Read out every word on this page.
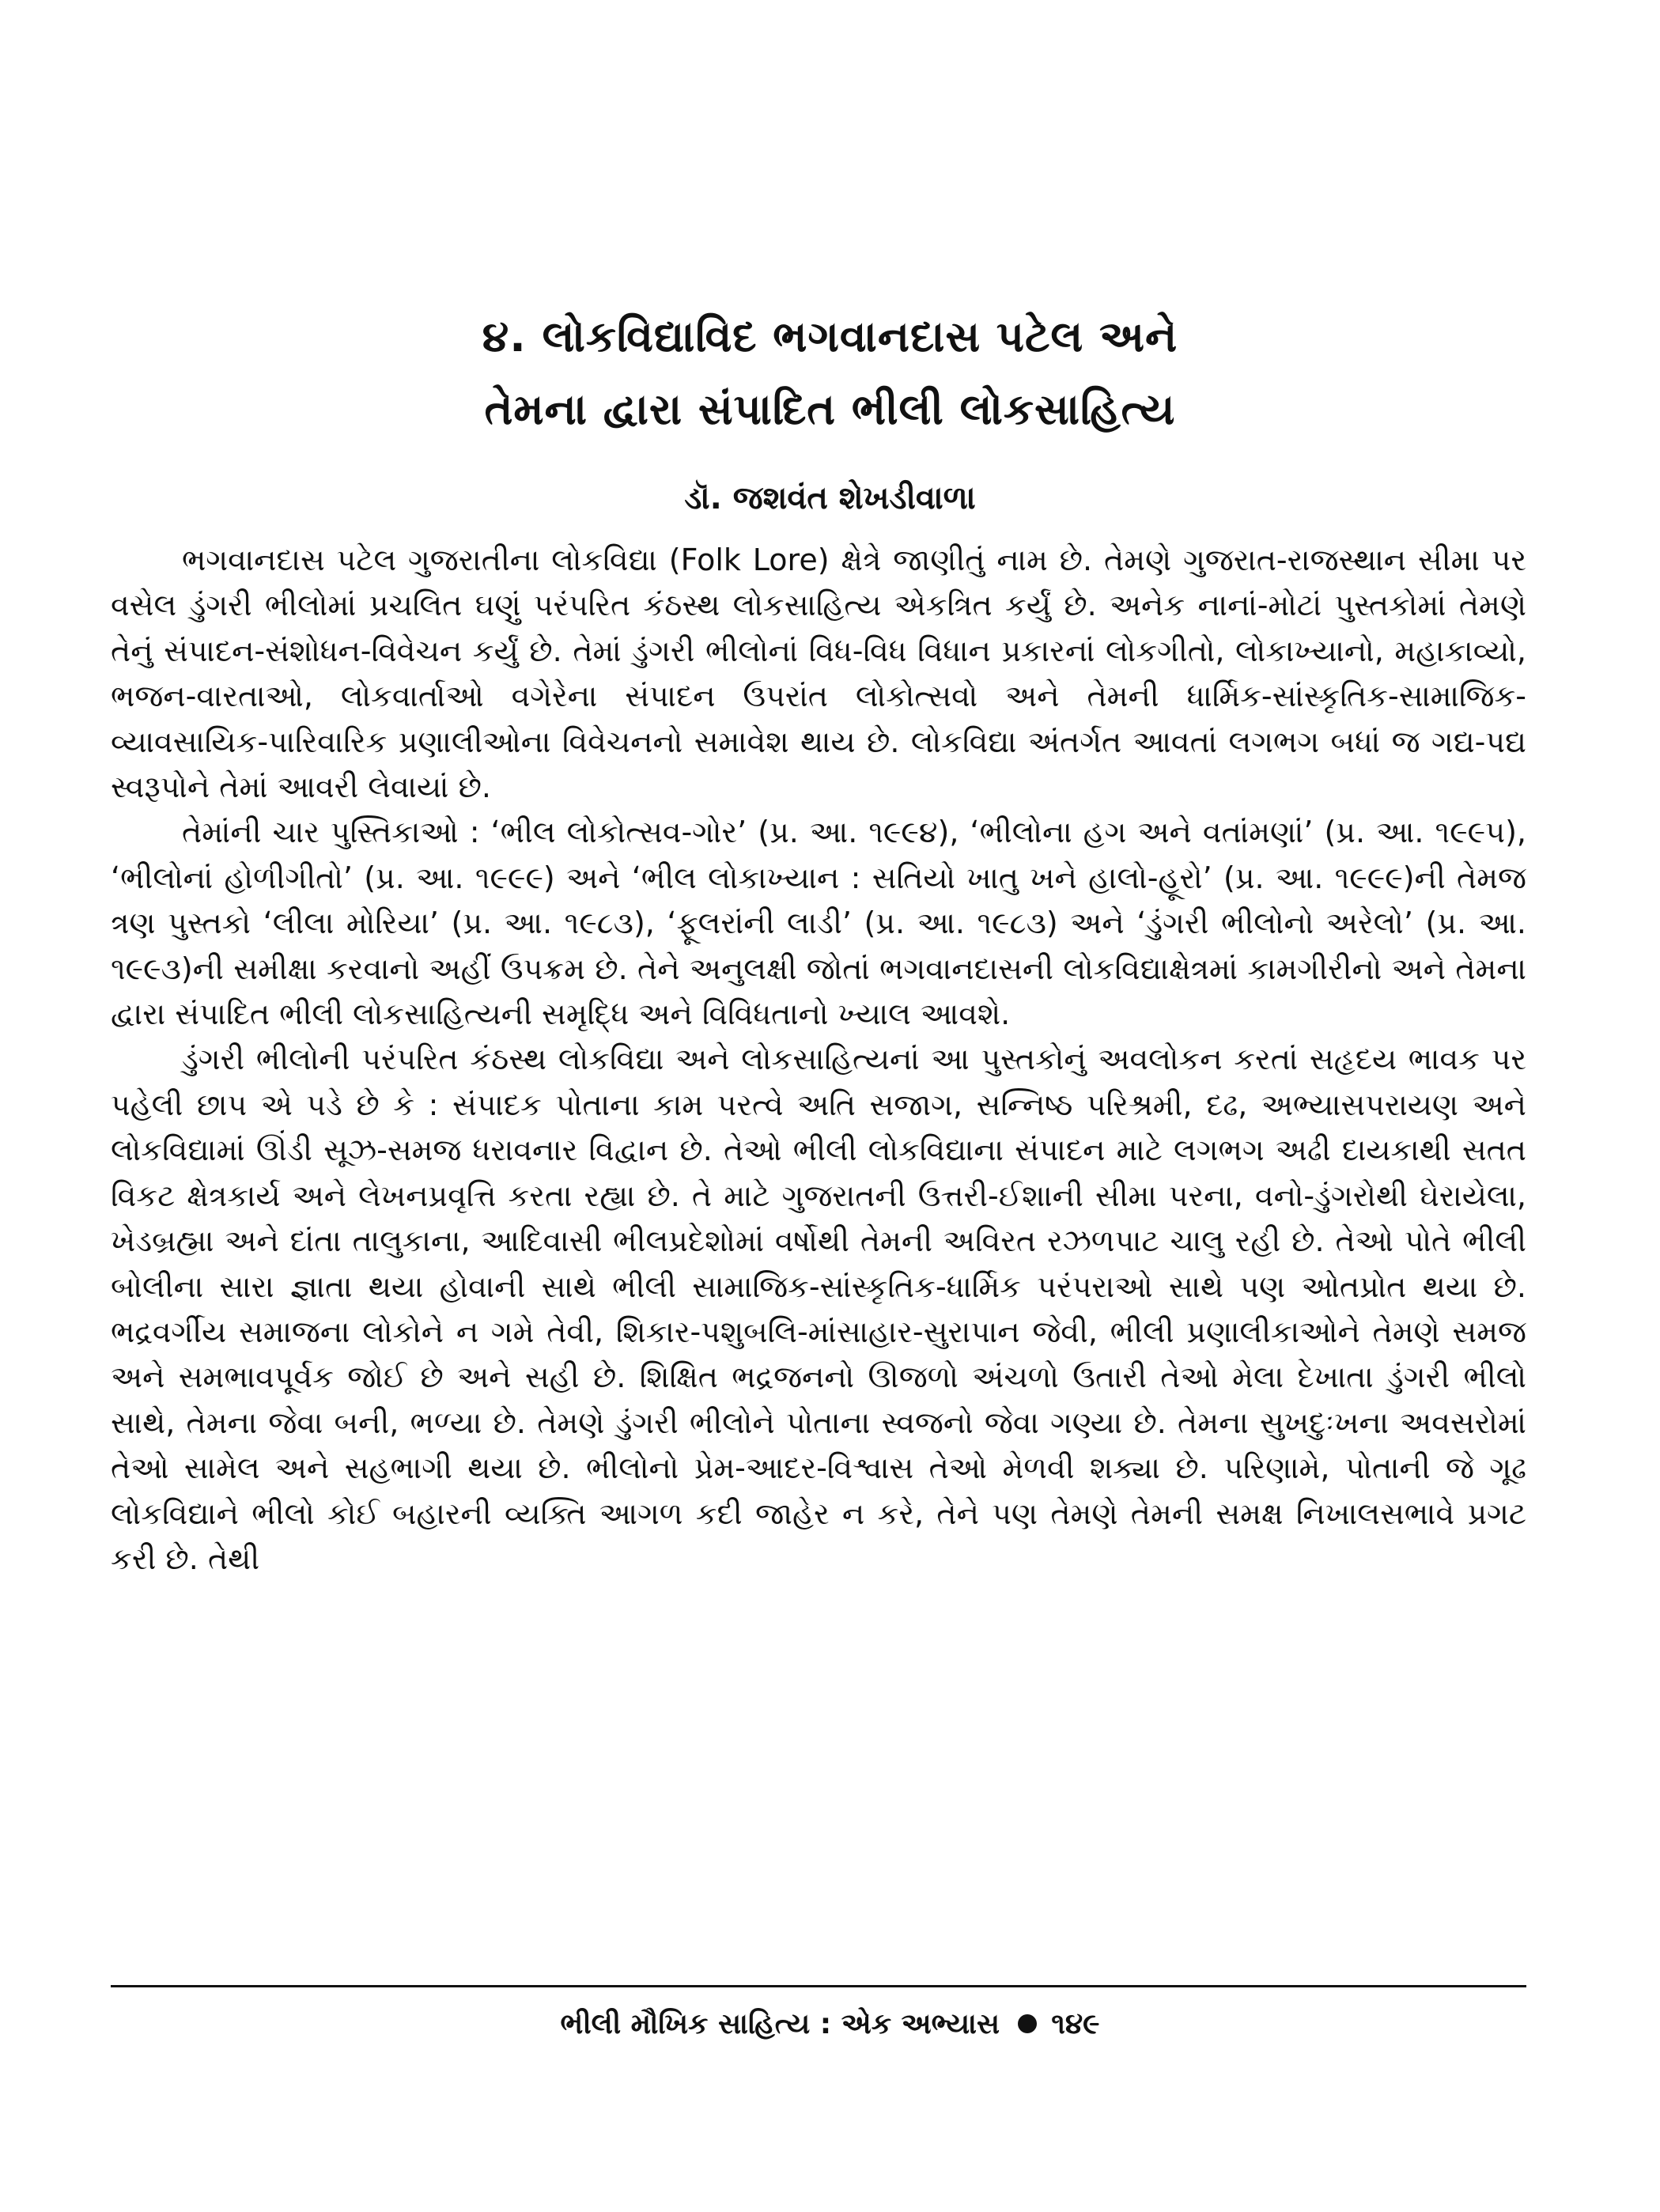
૪. લોકવિદ્યાવિદ ભગવાનદાસ પટેલ અને
તેમના દ્વારા સંપાદિત ભીલી લોકસાહિત્ય
ડૉ. જશવંત શેખડીવાળા

ભગવાનદાસ પટેલ ગુજરાતીના લોકવિદ્યા (Folk Lore) ક્ષેત્રે જાણીતું નામ છે. તેમણે ગુજરાત-રાજસ્થાન સીમા પર વસેલ ડુંગરી ભીલોમાં પ્રચલિત ઘણું પરંપરિત કંઠસ્થ લોકસાહિત્ય એકત્રિત કર્યું છે. અનેક નાનાં-મોટાં પુસ્તકોમાં તેમણે તેનું સંપાદન-સંશોધન-વિવેચન કર્યું છે. તેમાં ડુંગરી ભીલોનાં વિધ-વિધ વિધાન પ્રકારનાં લોકગીતો, લોકાખ્યાનો, મહાકાવ્યો, ભજન-વારતાઓ, લોકવાર્તાઓ વગેરેના સંપાદન ઉપરાંત લોકોત્સવો અને તેમની ધાર્મિક-સાંસ્કૃતિક-સામાજિક-વ્યાવસાયિક-પારિવારિક પ્રણાલીઓના વિવેચનનો સમાવેશ થાય છે. લોકવિદ્યા અંતર્ગત આવતાં લગભગ બધાં જ ગદ્ય-પદ્ય સ્વરૂપોને તેમાં આવરી લેવાયાં છે.

તેમાંની ચાર પુસ્તિકાઓ : ‘ભીલ લોકોત્સવ-ગોર’ (પ્ર. આ. ૧૯૯૪), ‘ભીલોના હગ અને વતાંમણાં’ (પ્ર. આ. ૧૯૯૫), ‘ભીલોનાં હોળીગીતો’ (પ્ર. આ. ૧૯૯૯) અને ‘ભીલ લોકાખ્યાન : સતિયો ખાતુ ખને હાલો-હૂરો’ (પ્ર. આ. ૧૯૯૯)ની તેમજ ત્રણ પુસ્તકો ‘લીલા મોરિયા’ (પ્ર. આ. ૧૯૮૩), ‘ફૂલરાંની લાડી’ (પ્ર. આ. ૧૯૮૩) અને ‘ડુંગરી ભીલોનો અરેલો’ (પ્ર. આ. ૧૯૯૩)ની સમીક્ષા કરવાનો અહીં ઉપક્રમ છે. તેને અનુલક્ષી જોતાં ભગવાનદાસની લોકવિદ્યાક્ષેત્રમાં કામગીરીનો અને તેમના દ્વારા સંપાદિત ભીલી લોકસાહિત્યની સમૃદ્ધિ અને વિવિધતાનો ખ્યાલ આવશે.

ડુંગરી ભીલોની પરંપરિત કંઠસ્થ લોકવિદ્યા અને લોકસાહિત્યનાં આ પુસ્તકોનું અવલોકન કરતાં સહૃદય ભાવક પર પહેલી છાપ એ પડે છે કે : સંપાદક પોતાના કામ પરત્વે અતિ સજાગ, સન્નિષ્ઠ પરિશ્રમી, દઢ, અભ્યાસપરાયણ અને લોકવિદ્યામાં ઊંડી સૂઝ-સમજ ધરાવનાર વિદ્વાન છે. તેઓ ભીલી લોકવિદ્યાના સંપાદન માટે લગભગ અઢી દાયકાથી સતત વિકટ ક્ષેત્રકાર્ય અને લેખનપ્રવૃત્તિ કરતા રહ્યા છે. તે માટે ગુજરાતની ઉત્તરી-ઈશાની સીમા પરના, વનો-ડુંગરોથી ઘેરાયેલા, ખેડબ્રહ્મા અને દાંતા તાલુકાના, આદિવાસી ભીલપ્રદેશોમાં વર્ષોથી તેમની અવિરત રઝળપાટ ચાલુ રહી છે. તેઓ પોતે ભીલી બોલીના સારા જ્ઞાતા થયા હોવાની સાથે ભીલી સામાજિક-સાંસ્કૃતિક-ધાર્મિક પરંપરાઓ સાથે પણ ઓતપ્રોત થયા છે. ભદ્રવર્ગીય સમાજના લોકોને ન ગમે તેવી, શિકાર-પશુબલિ-માંસાહાર-સુરાપાન જેવી, ભીલી પ્રણાલીકાઓને તેમણે સમજ અને સમભાવપૂર્વક જોઈ છે અને સહી છે. શિક્ષિત ભદ્રજનનો ઊજળો અંચળો ઉતારી તેઓ મેલા દેખાતા ડુંગરી ભીલો સાથે, તેમના જેવા બની, ભળ્યા છે. તેમણે ડુંગરી ભીલોને પોતાના સ્વજનો જેવા ગણ્યા છે. તેમના સુખદુઃખના અવસરોમાં તેઓ સામેલ અને સહભાગી થયા છે. ભીલોનો પ્રેમ-આદર-વિશ્વાસ તેઓ મેળવી શક્યા છે. પરિણામે, પોતાની જે ગૂઢ લોકવિદ્યાને ભીલો કોઈ બહારની વ્યક્તિ આગળ કદી જાહેર ન કરે, તેને પણ તેમણે તેમની સમક્ષ નિખાલસભાવે પ્રગટ કરી છે. તેથી

ભીલી મૌખિક સાહિત્ય : એક અભ્યાસ ૧૪૯
